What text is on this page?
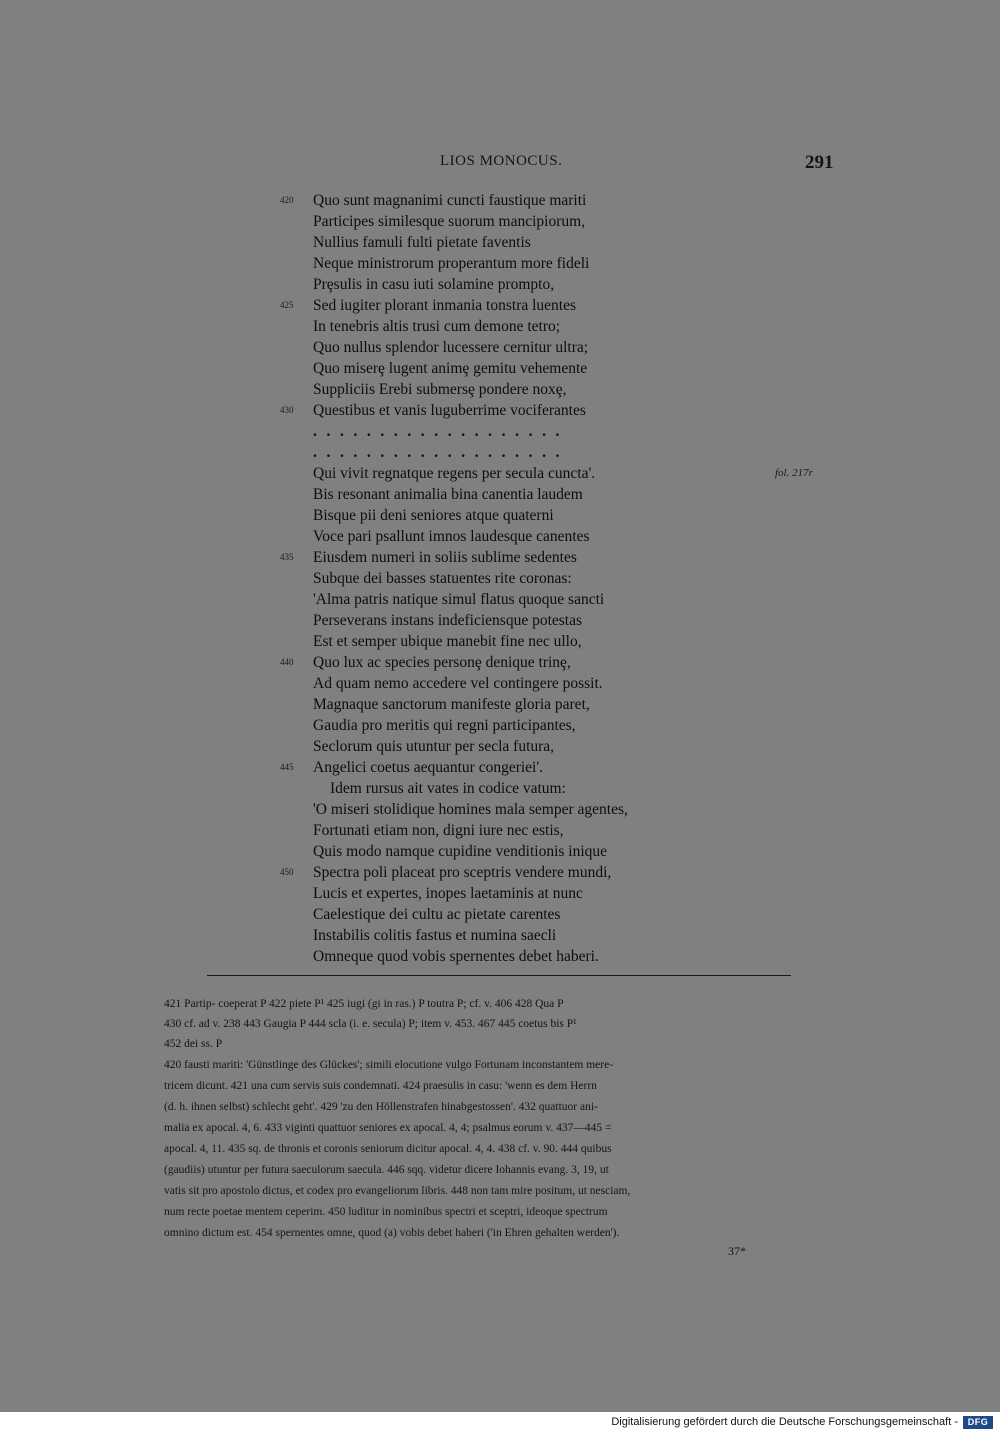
LIOS MONOCUS.	291
420 Quo sunt magnanimi cuncti faustique mariti
Participes similesque suorum mancipiorum,
Nullius famuli fulti pietate faventis
Neque ministrorum properantum more fideli
Prȩsulis in casu iuti solamine prompto,
425 Sed iugiter plorant inmania tonstra luentes
In tenebris altis trusi cum demone tetro;
Quo nullus splendor lucessere cernitur ultra;
Quo miserȩ lugent animȩ gemitu vehemente
Suppliciis Erebi submersȩ pondere noxȩ,
430 Questibus et vanis luguberrime vociferantes
...................
...................
Qui vivit regnatque regens per secula cuncta'.	fol. 217r
Bis resonant animalia bina canentia laudem
Bisque pii deni seniores atque quaterni
Voce pari psallunt imnos laudesque canentes
435 Eiusdem numeri in soliis sublime sedentes
Subque dei basses statuentes rite coronas:
'Alma patris natique simul flatus quoque sancti
Perseverans instans indeficiensque potestas
Est et semper ubique manebit fine nec ullo,
440 Quo lux ac species personȩ denique trinȩ,
Ad quam nemo accedere vel contingere possit.
Magnaque sanctorum manifeste gloria paret,
Gaudia pro meritis qui regni participantes,
Seclorum quis utuntur per secla futura,
445 Angelici coetus aequantur congeriei'.
Idem rursus ait vates in codice vatum:
'O miseri stolidique homines mala semper agentes,
Fortunati etiam non, digni iure nec estis,
Quis modo namque cupidine venditionis inique
450 Spectra poli placeat pro sceptris vendere mundi,
Lucis et expertes, inopes laetaminis at nunc
Caelestique dei cultu ac pietate carentes
Instabilis colitis fastus et numina saecli
Omneque quod vobis spernentes debet haberi.
421 Partip- coeperat P 422 piete P¹ 425 iugi (gi in ras.) P toutra P; cf. v. 406 428 Qua P
430 cf. ad v. 238 443 Gaugia P 444 scla (i. e. secula) P; item v. 453. 467 445 coetus bis P¹
452 dei ss. P
420 fausti mariti: 'Günstlinge des Glückes'; simili elocutione vulgo Fortunam inconstantem mere-
tricem dicunt. 421 una cum servis suis condemnati. 424 praesulis in casu: 'wenn es dem Herrn
(d. h. ihnen selbst) schlecht geht'. 429 'zu den Höllenstrafen hinabgestossen'. 432 quattuor ani-
malia ex apocal. 4, 6. 433 viginti quattuor seniores ex apocal. 4, 4; psalmus eorum v. 437—445 =
apocal. 4, 11. 435 sq. de thronis et coronis seniorum dicitur apocal. 4, 4. 438 cf. v. 90. 444 quibus
(gaudiis) utuntur per futura saeculorum saecula. 446 sqq. videtur dicere Iohannis evang. 3, 19, ut
vatis sit pro apostolo dictus, et codex pro evangeliorum libris. 448 non tam mire positum, ut nesciam,
num recte poetae mentem ceperim. 450 luditur in nominibus spectri et sceptri, ideoque spectrum
omnino dictum est. 454 spernentes omne, quod (a) vobis debet haberi ('in Ehren gehalten werden').
37*
Digitalisierung gefördert durch die Deutsche Forschungsgemeinschaft -	DFG
